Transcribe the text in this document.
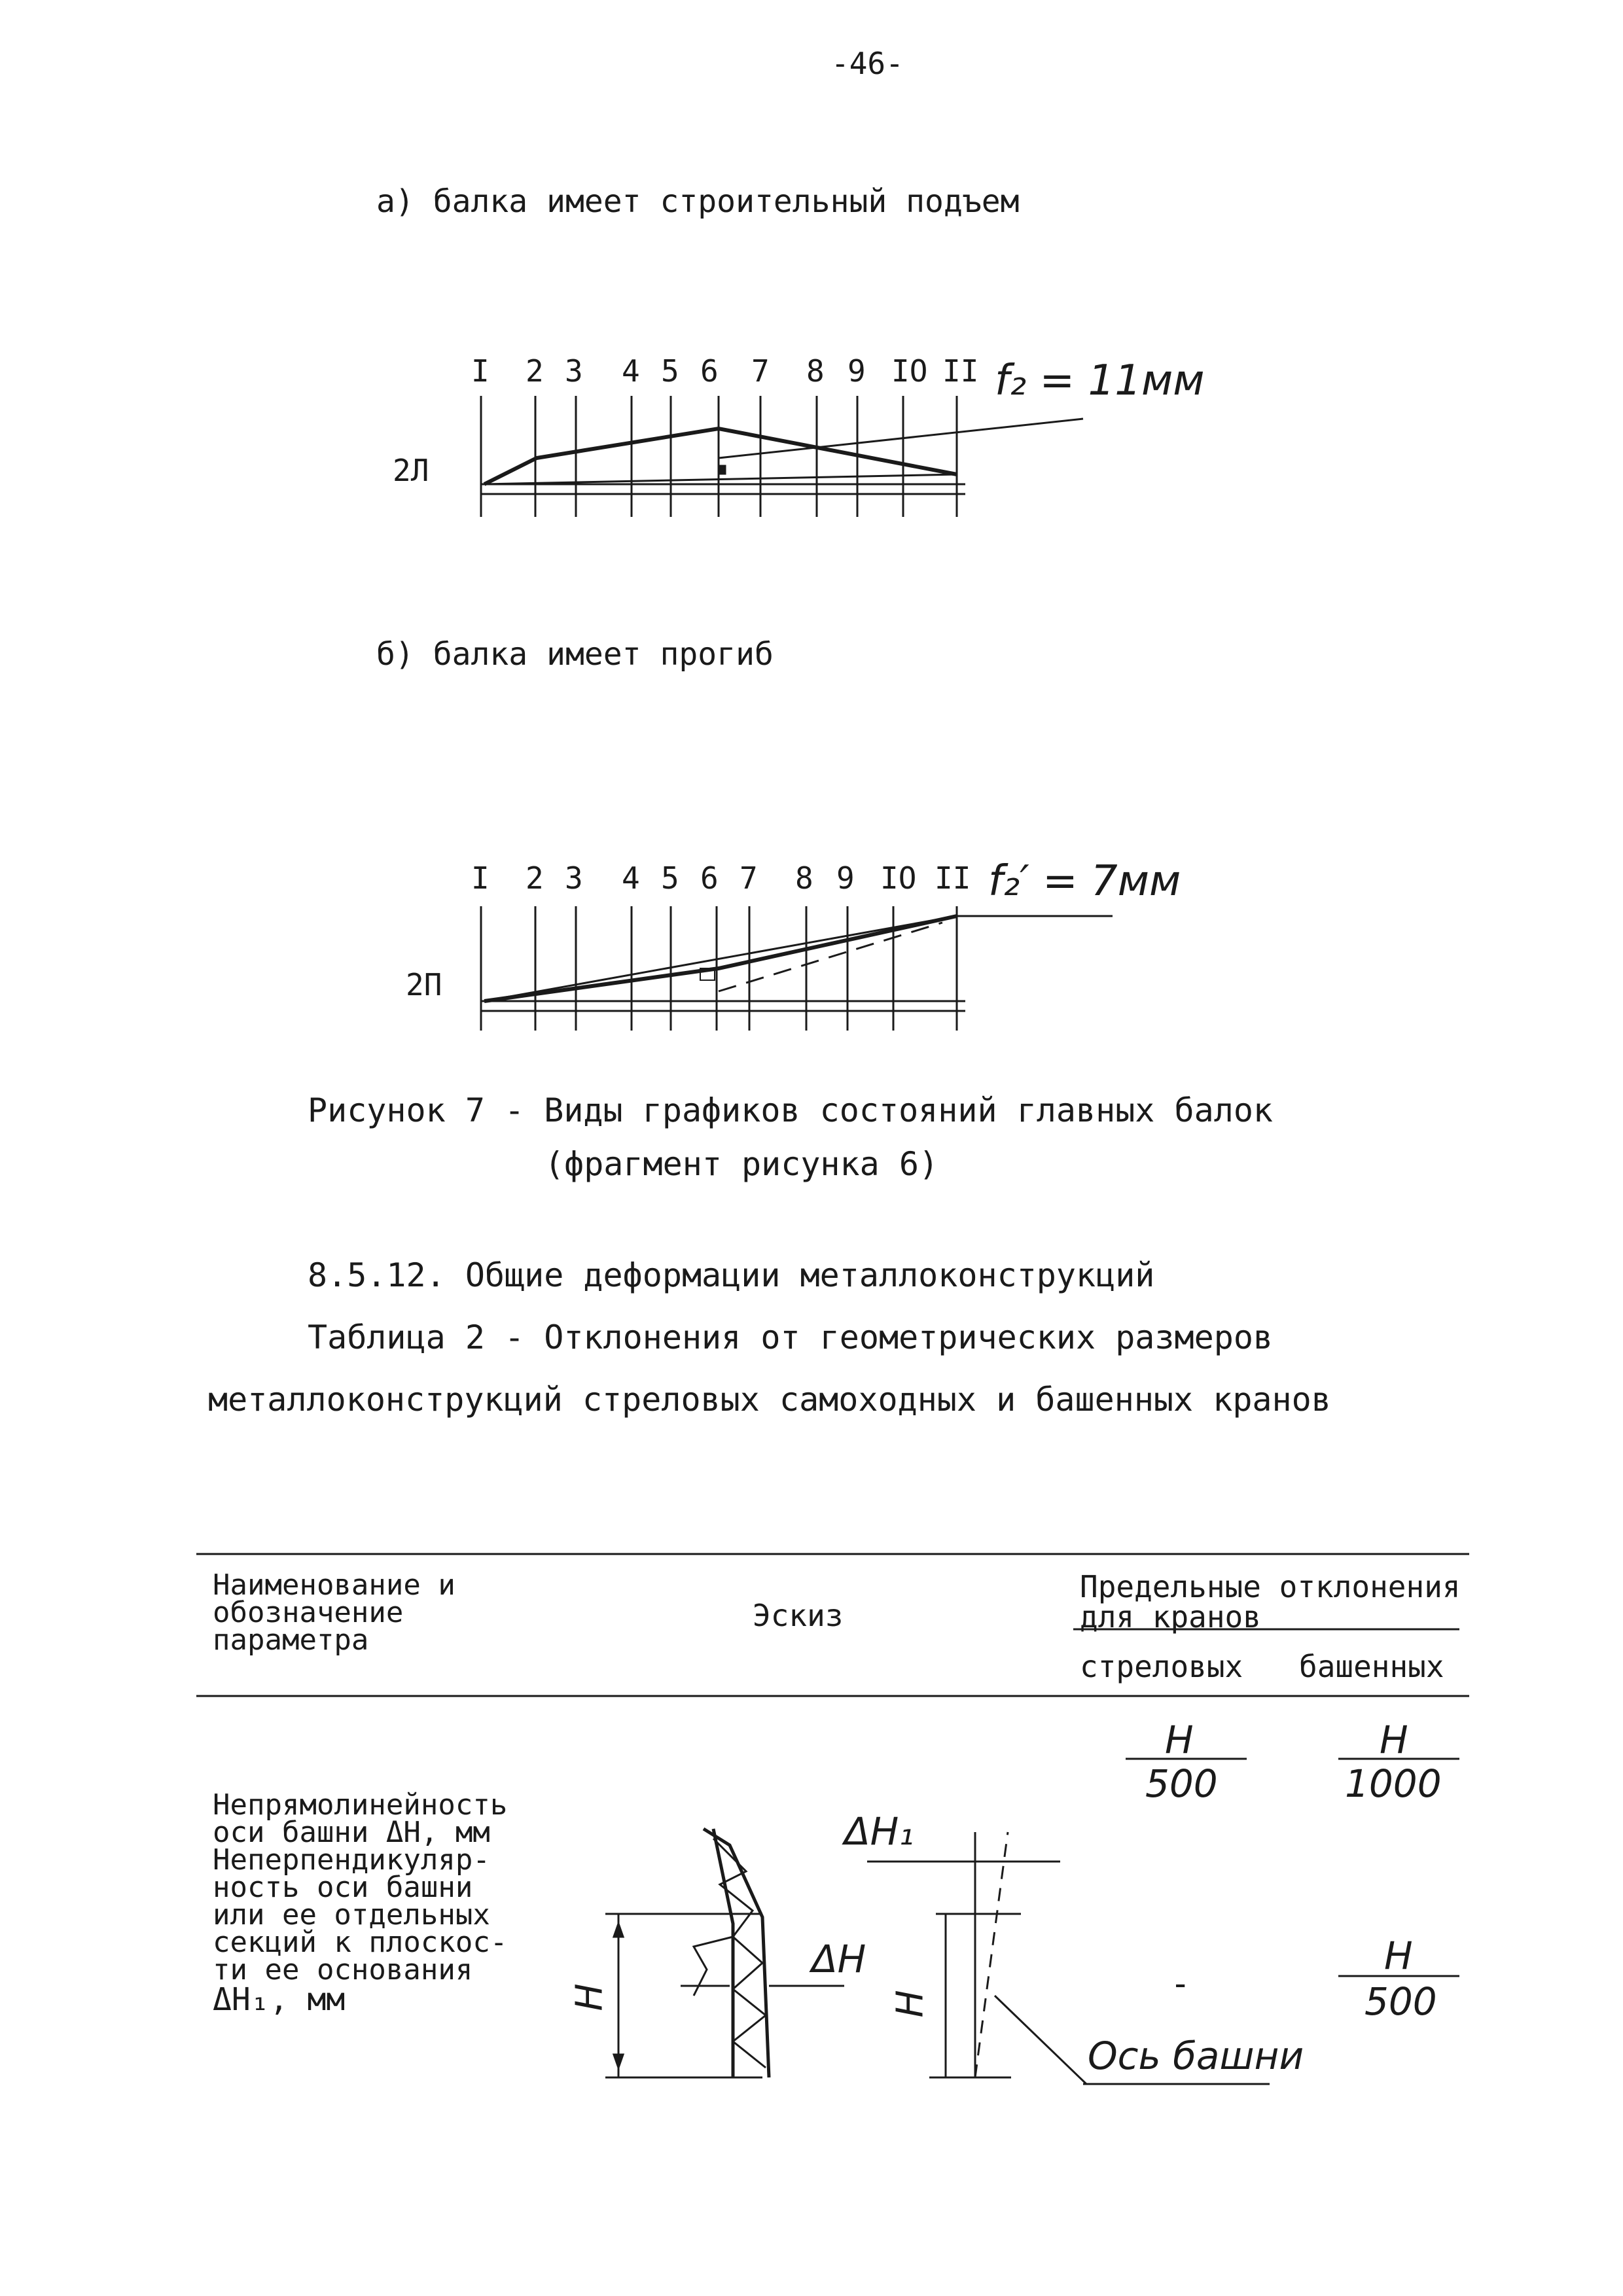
-46-
а) балка имеет строительный подъем
I 2 3 4 5 6 7 8 9 IO II f₂ = 11мм
2Л
б) балка имеет прогиб
I 2 3 4 5 6 7 8 9 IO II f₂′ = 7мм
2П
Рисунок 7 - Виды графиков состояний главных балок
(фрагмент рисунка 6)
8.5.12. Общие деформации металлоконструкций
Таблица 2 - Отклонения от геометрических размеров
металлоконструкций стреловых самоходных и башенных кранов
Наименование и
обозначение
параметра
Эскиз
Предельные отклонения
для кранов
стреловых башенных
Непрямолинейность
оси башни ΔH, мм
Неперпендикуляр-
ность оси башни
или ее отдельных
секций к плоскос-
ти ее основания
ΔH₁, мм
H
500
H
1000
-
H
500
H
ΔH
ΔH₁
H
Ось башни
